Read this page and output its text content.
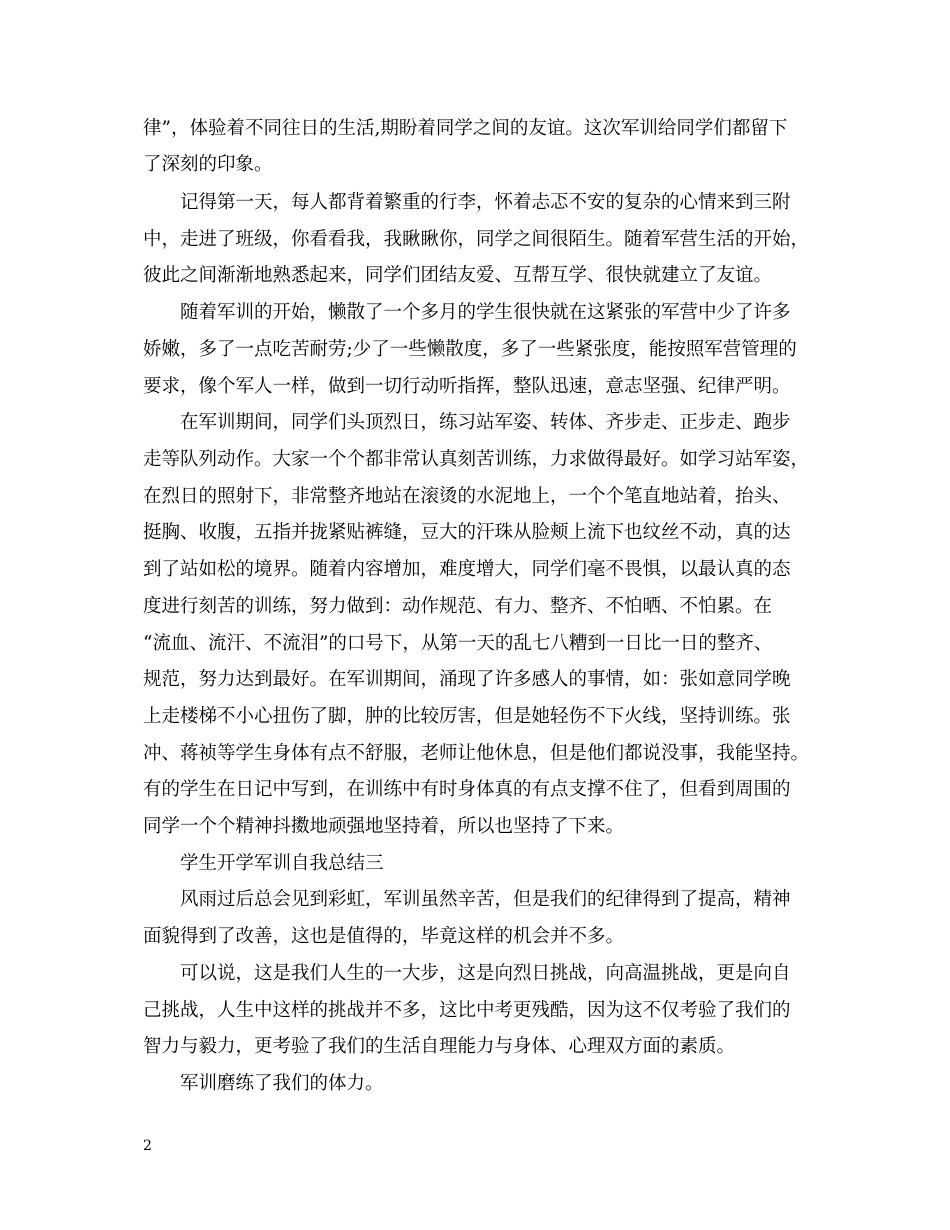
律”，体验着不同往日的生活,期盼着同学之间的友谊。这次军训给同学们都留下
了深刻的印象。
记得第一天，每人都背着繁重的行李，怀着忐忑不安的复杂的心情来到三附
中，走进了班级，你看看我，我瞅瞅你，同学之间很陌生。随着军营生活的开始，
彼此之间渐渐地熟悉起来，同学们团结友爱、互帮互学、很快就建立了友谊。
随着军训的开始，懒散了一个多月的学生很快就在这紧张的军营中少了许多
娇嫩，多了一点吃苦耐劳;少了一些懒散度，多了一些紧张度，能按照军营管理的
要求，像个军人一样，做到一切行动听指挥，整队迅速，意志坚强、纪律严明。
在军训期间，同学们头顶烈日，练习站军姿、转体、齐步走、正步走、跑步
走等队列动作。大家一个个都非常认真刻苦训练，力求做得最好。如学习站军姿，
在烈日的照射下，非常整齐地站在滚烫的水泥地上，一个个笔直地站着，抬头、
挺胸、收腹，五指并拢紧贴裤缝，豆大的汗珠从脸颊上流下也纹丝不动，真的达
到了站如松的境界。随着内容增加，难度增大，同学们毫不畏惧，以最认真的态
度进行刻苦的训练，努力做到：动作规范、有力、整齐、不怕晒、不怕累。在
“流血、流汗、不流泪”的口号下，从第一天的乱七八糟到一日比一日的整齐、
规范，努力达到最好。在军训期间，涌现了许多感人的事情，如：张如意同学晚
上走楼梯不小心扭伤了脚，肿的比较厉害，但是她轻伤不下火线，坚持训练。张
冲、蒋祯等学生身体有点不舒服，老师让他休息，但是他们都说没事，我能坚持。
有的学生在日记中写到，在训练中有时身体真的有点支撑不住了，但看到周围的
同学一个个精神抖擞地顽强地坚持着，所以也坚持了下来。
学生开学军训自我总结三
风雨过后总会见到彩虹，军训虽然辛苦，但是我们的纪律得到了提高，精神
面貌得到了改善，这也是值得的，毕竟这样的机会并不多。
可以说，这是我们人生的一大步，这是向烈日挑战，向高温挑战，更是向自
己挑战，人生中这样的挑战并不多，这比中考更残酷，因为这不仅考验了我们的
智力与毅力，更考验了我们的生活自理能力与身体、心理双方面的素质。
军训磨练了我们的体力。
2
